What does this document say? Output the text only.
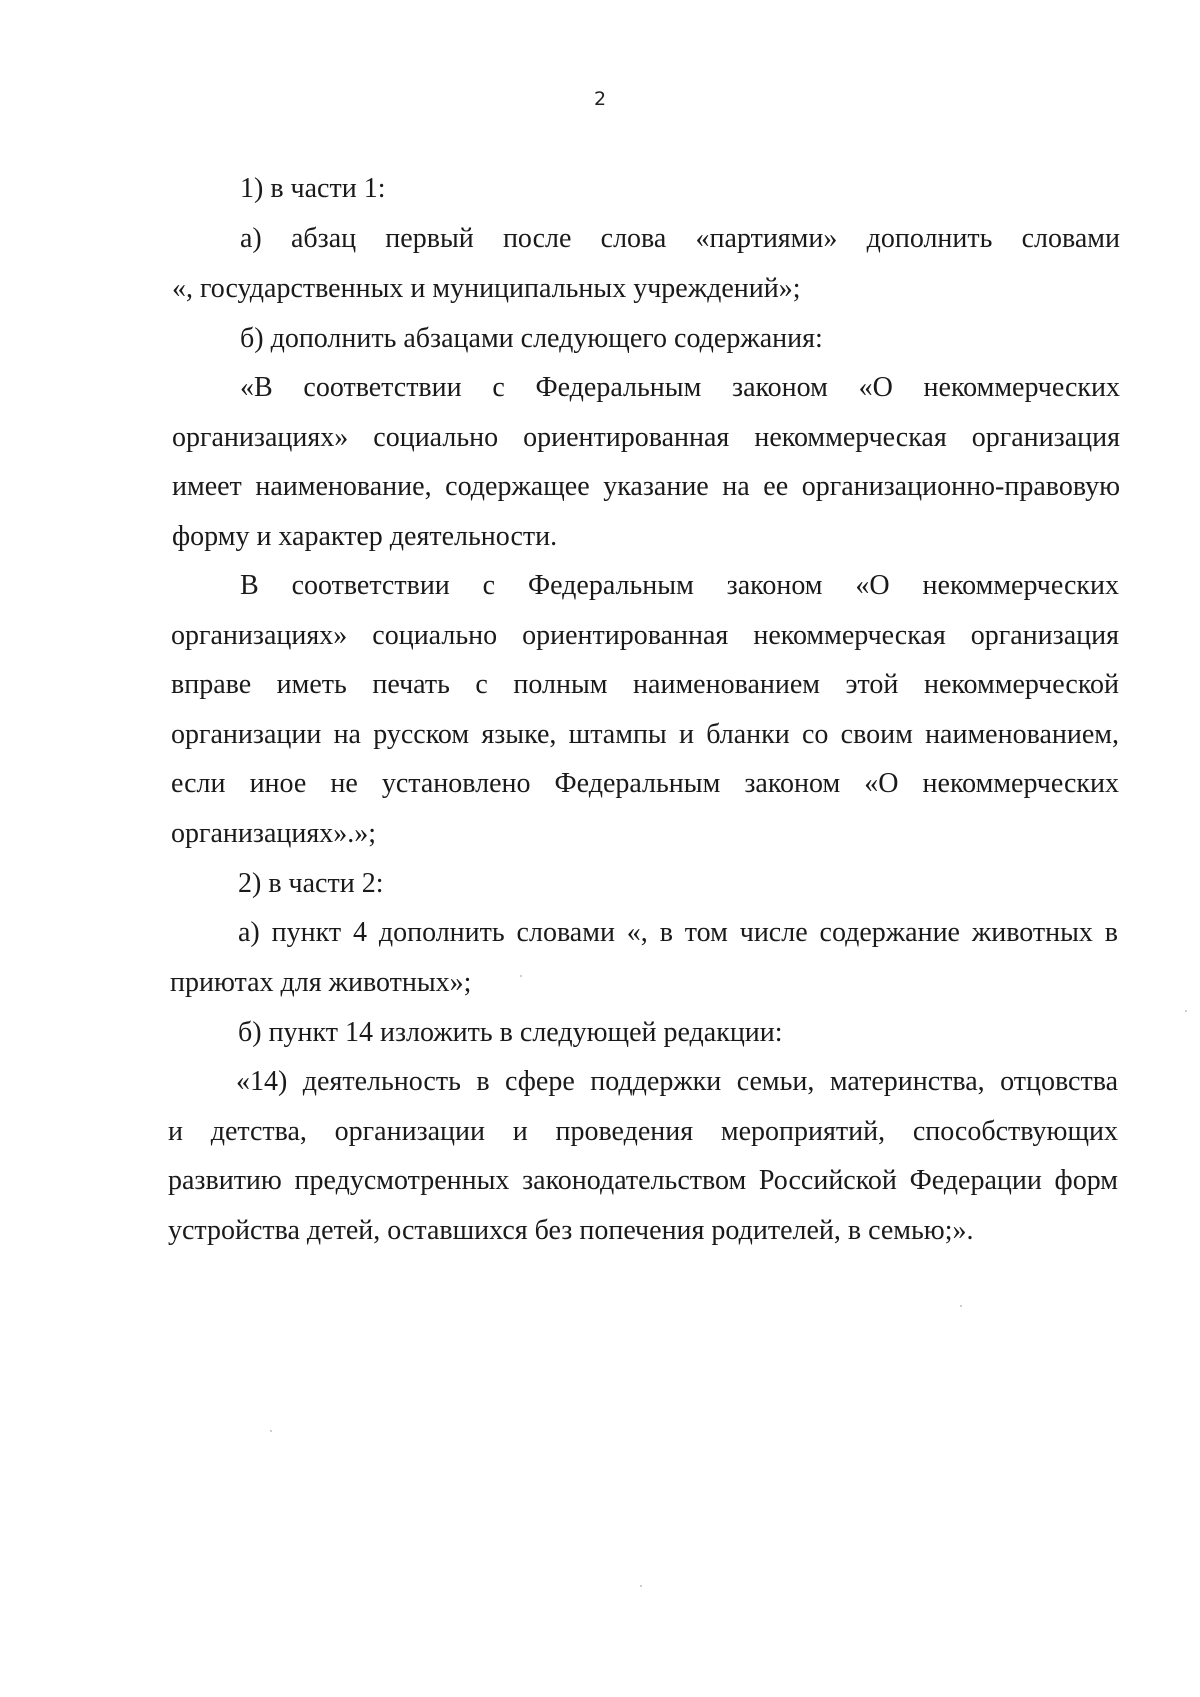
2
1) в части 1:
а) абзац первый после слова «партиями» дополнить словами
«, государственных и муниципальных учреждений»;
б) дополнить абзацами следующего содержания:
«В соответствии с Федеральным законом «О некоммерческих
организациях» социально ориентированная некоммерческая организация
имеет наименование, содержащее указание на ее организационно-правовую
форму и характер деятельности.
В соответствии с Федеральным законом «О некоммерческих
организациях» социально ориентированная некоммерческая организация
вправе иметь печать с полным наименованием этой некоммерческой
организации на русском языке, штампы и бланки со своим наименованием,
если иное не установлено Федеральным законом «О некоммерческих
организациях».»;
2) в части 2:
а) пункт 4 дополнить словами «, в том числе содержание животных в
приютах для животных»;
б) пункт 14 изложить в следующей редакции:
«14) деятельность в сфере поддержки семьи, материнства, отцовства
и детства, организации и проведения мероприятий, способствующих
развитию предусмотренных законодательством Российской Федерации форм
устройства детей, оставшихся без попечения родителей, в семью;».
